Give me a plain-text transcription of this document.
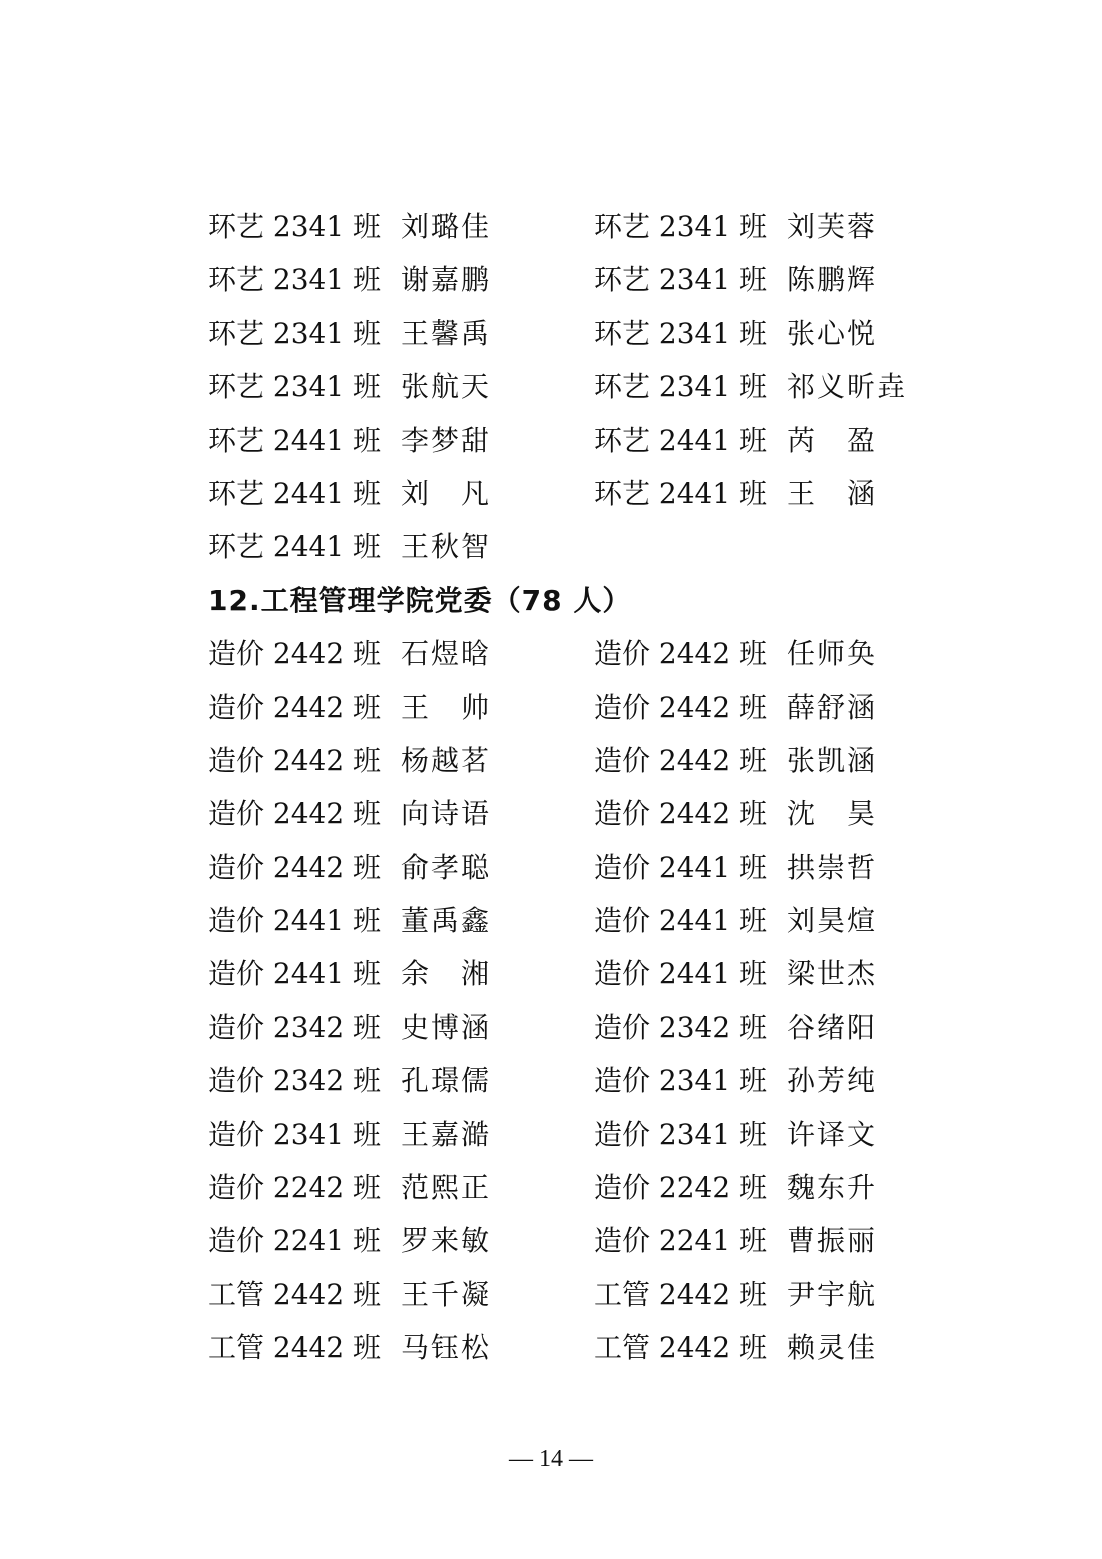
环艺 2341 班 刘璐佳	环艺 2341 班 刘芙蓉
环艺 2341 班 谢嘉鹏	环艺 2341 班 陈鹏辉
环艺 2341 班 王馨禹	环艺 2341 班 张心悦
环艺 2341 班 张航天	环艺 2341 班 祁义昕垚
环艺 2441 班 李梦甜	环艺 2441 班 芮　盈
环艺 2441 班 刘　凡	环艺 2441 班 王　涵
环艺 2441 班 王秋智
12.工程管理学院党委（78 人）
造价 2442 班 石煜晗	造价 2442 班 任师奂
造价 2442 班 王　帅	造价 2442 班 薛舒涵
造价 2442 班 杨越茗	造价 2442 班 张凯涵
造价 2442 班 向诗语	造价 2442 班 沈　昊
造价 2442 班 俞孝聪	造价 2441 班 拱崇哲
造价 2441 班 董禹鑫	造价 2441 班 刘昊煊
造价 2441 班 余　湘	造价 2441 班 梁世杰
造价 2342 班 史博涵	造价 2342 班 谷绪阳
造价 2342 班 孔璟儒	造价 2341 班 孙芳纯
造价 2341 班 王嘉澔	造价 2341 班 许译文
造价 2242 班 范熙正	造价 2242 班 魏东升
造价 2241 班 罗来敏	造价 2241 班 曹振丽
工管 2442 班 王千凝	工管 2442 班 尹宇航
工管 2442 班 马钰松	工管 2442 班 赖灵佳
— 14 —
